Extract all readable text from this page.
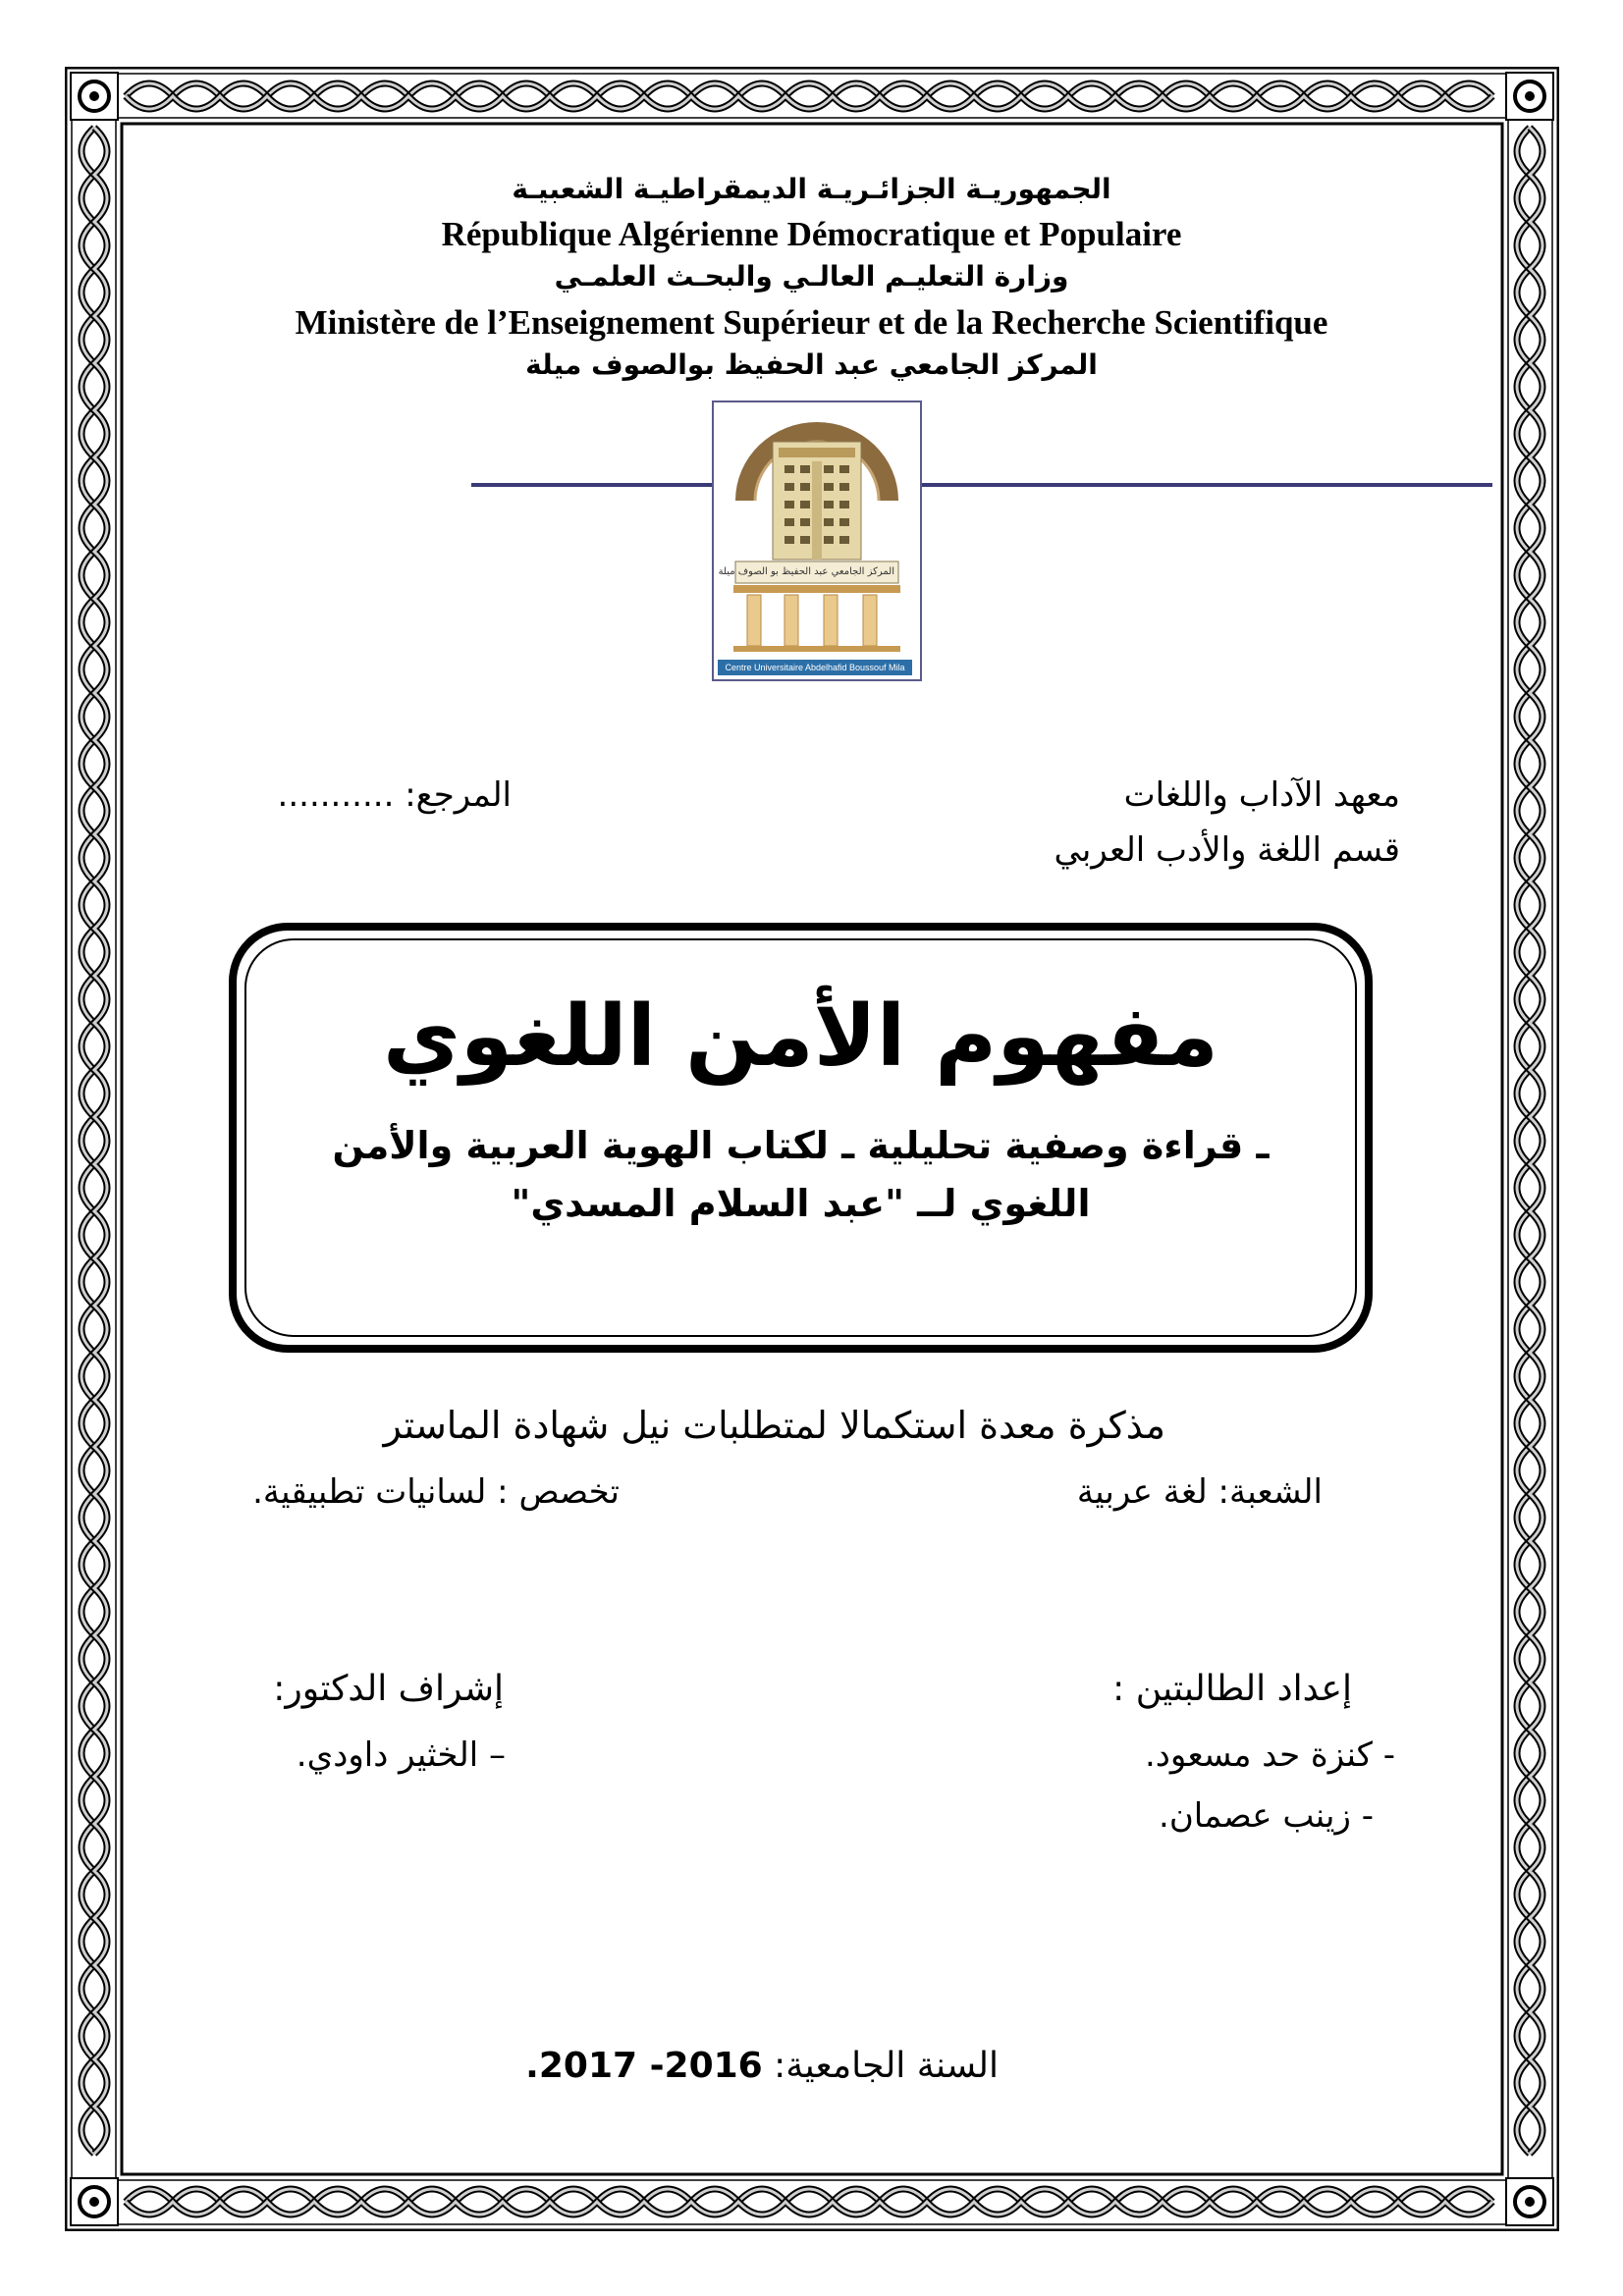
الجمهوريـة الجزائـريـة الديمقراطيـة الشعبيـة
République Algérienne Démocratique et Populaire
وزارة التعليـم العالـي والبحـث العلمـي
Ministère de l’Enseignement Supérieur et de la Recherche Scientifique
المركز الجامعي عبد الحفيظ بوالصوف ميلة
المركز الجامعي عبد الحفيظ بو الصوف ميلة
Centre Universitaire Abdelhafid Boussouf Mila
معهد الآداب واللغات
قسم اللغة والأدب العربي
المرجع: ...........
مفهوم الأمن اللغوي
ـ قراءة وصفية تحليلية ـ لكتاب الهوية العربية والأمن
اللغوي لــ "عبد السلام المسدي"
مذكرة معدة استكمالا لمتطلبات نيل شهادة الماستر
الشعبة: لغة عربية
تخصص : لسانيات تطبيقية.
إعداد الطالبتين :
- كنزة حد مسعود.
- زينب عصمان.
إشراف الدكتور:
– الخثير داودي.
السنة الجامعية: 2016- 2017.
